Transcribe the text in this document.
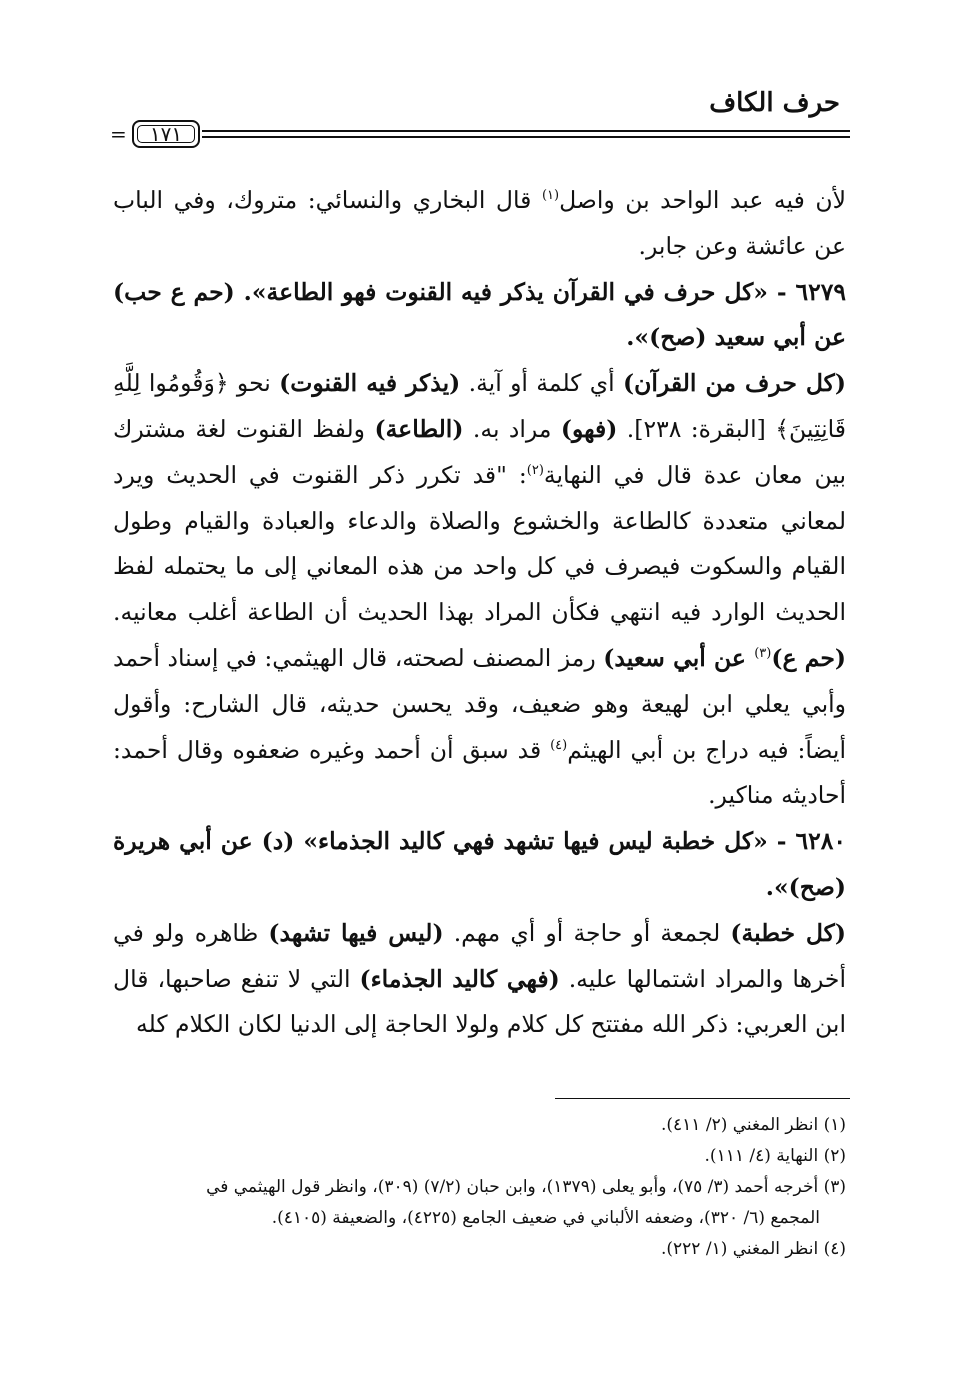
حرف الكاف
=	١٧١

لأن فيه عبد الواحد بن واصل$^{(١)}$ قال البخاري والنسائي: متروك، وفي الباب عن عائشة وعن جابر.

٦٢٧٩ - «كل حرف في القرآن يذكر فيه القنوت فهو الطاعة». (حم ع حب) عن أبي سعيد (صح)».

(كل حرف من القرآن) أي كلمة أو آية. (يذكر فيه القنوت) نحو ﴿وَقُومُوا لِلَّهِ قَانِتِينَ﴾ [البقرة: ٢٣٨]. (فهو) مراد به. (الطاعة) ولفظ القنوت لغة مشترك بين معان عدة قال في النهاية$^{(٢)}$: "قد تكرر ذكر القنوت في الحديث ويرد لمعاني متعددة كالطاعة والخشوع والصلاة والدعاء والعبادة والقيام وطول القيام والسكوت فيصرف في كل واحد من هذه المعاني إلى ما يحتمله لفظ الحديث الوارد فيه انتهي فكأن المراد بهذا الحديث أن الطاعة أغلب معانيه. (حم ع)$^{(٣)}$ عن أبي سعيد) رمز المصنف لصحته، قال الهيثمي: في إسناد أحمد وأبي يعلي ابن لهيعة وهو ضعيف، وقد يحسن حديثه، قال الشارح: وأقول أيضاً: فيه دراج بن أبي الهيثم$^{(٤)}$ قد سبق أن أحمد وغيره ضعفوه وقال أحمد: أحاديثه مناكير.

٦٢٨٠ - «كل خطبة ليس فيها تشهد فهي كاليد الجذماء» (د) عن أبي هريرة (صح)».

(كل خطبة) لجمعة أو حاجة أو أي مهم. (ليس فيها تشهد) ظاهره ولو في أخرها والمراد اشتمالها عليه. (فهي كاليد الجذماء) التي لا تنفع صاحبها، قال ابن العربي: ذكر الله مفتتح كل كلام ولولا الحاجة إلى الدنيا لكان الكلام كله

(١) انظر المغني (٢/ ٤١١).

(٢) النهاية (٤/ ١١١).

(٣) أخرجه أحمد (٣/ ٧٥)، وأبو يعلى (١٣٧٩)، وابن حبان (٧/٢) (٣٠٩)، وانظر قول الهيثمي في

المجمع (٦/ ٣٢٠)، وضعفه الألباني في ضعيف الجامع (٤٢٢٥)، والضعيفة (٤١٠٥).

(٤) انظر المغني (١/ ٢٢٢).
